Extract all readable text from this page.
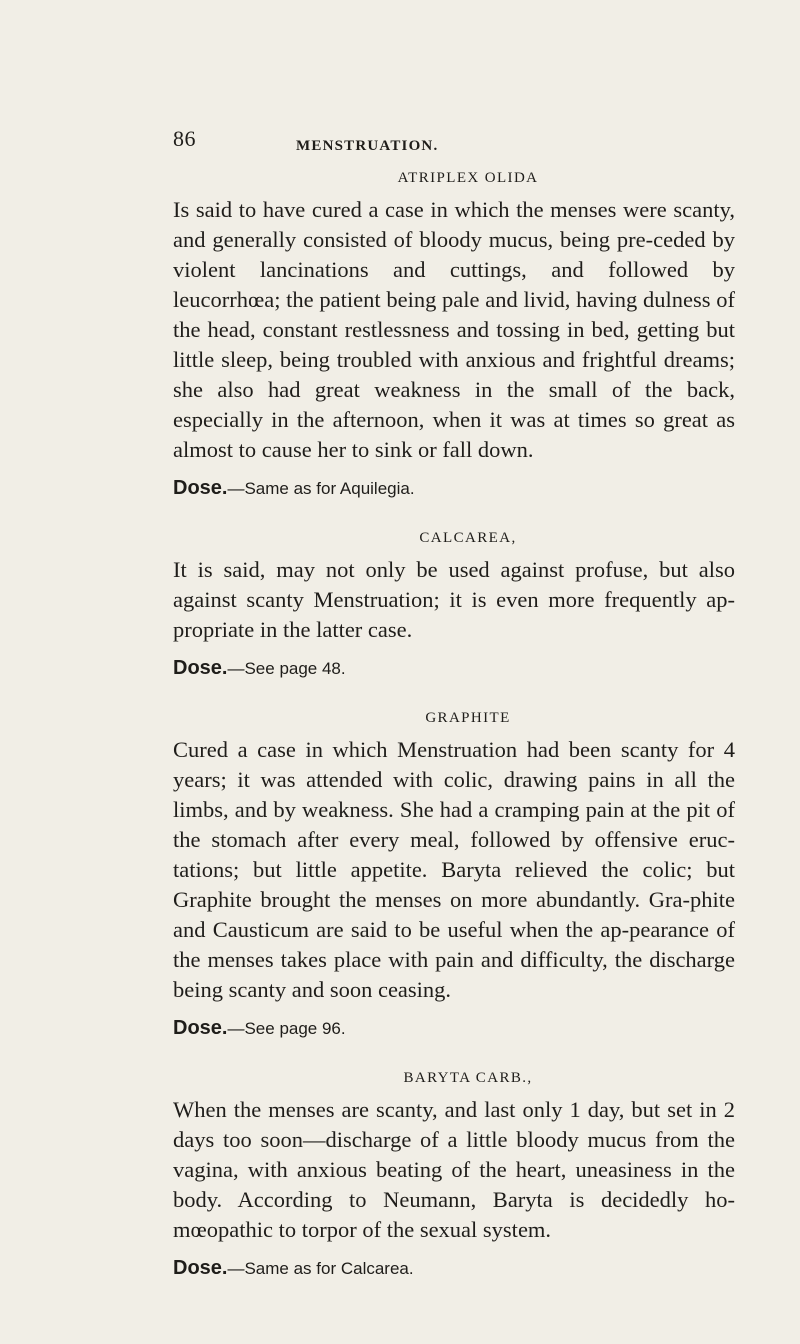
86	MENSTRUATION.
ATRIPLEX OLIDA

Is said to have cured a case in which the menses were scanty, and generally consisted of bloody mucus, being pre-ceded by violent lancinations and cuttings, and followed by leucorrhœa; the patient being pale and livid, having dulness of the head, constant restlessness and tossing in bed, getting but little sleep, being troubled with anxious and frightful dreams; she also had great weakness in the small of the back, especially in the afternoon, when it was at times so great as almost to cause her to sink or fall down.

Dose.—Same as for Aquilegia.

CALCAREA,

It is said, may not only be used against profuse, but also against scanty Menstruation; it is even more frequently ap-propriate in the latter case.

Dose.—See page 48.

GRAPHITE

Cured a case in which Menstruation had been scanty for 4 years; it was attended with colic, drawing pains in all the limbs, and by weakness. She had a cramping pain at the pit of the stomach after every meal, followed by offensive eruc-tations; but little appetite. Baryta relieved the colic; but Graphite brought the menses on more abundantly. Gra-phite and Causticum are said to be useful when the ap-pearance of the menses takes place with pain and difficulty, the discharge being scanty and soon ceasing.

Dose.—See page 96.

BARYTA CARB.,

When the menses are scanty, and last only 1 day, but set in 2 days too soon—discharge of a little bloody mucus from the vagina, with anxious beating of the heart, uneasiness in the body. According to Neumann, Baryta is decidedly ho-mœopathic to torpor of the sexual system.

Dose.—Same as for Calcarea.
